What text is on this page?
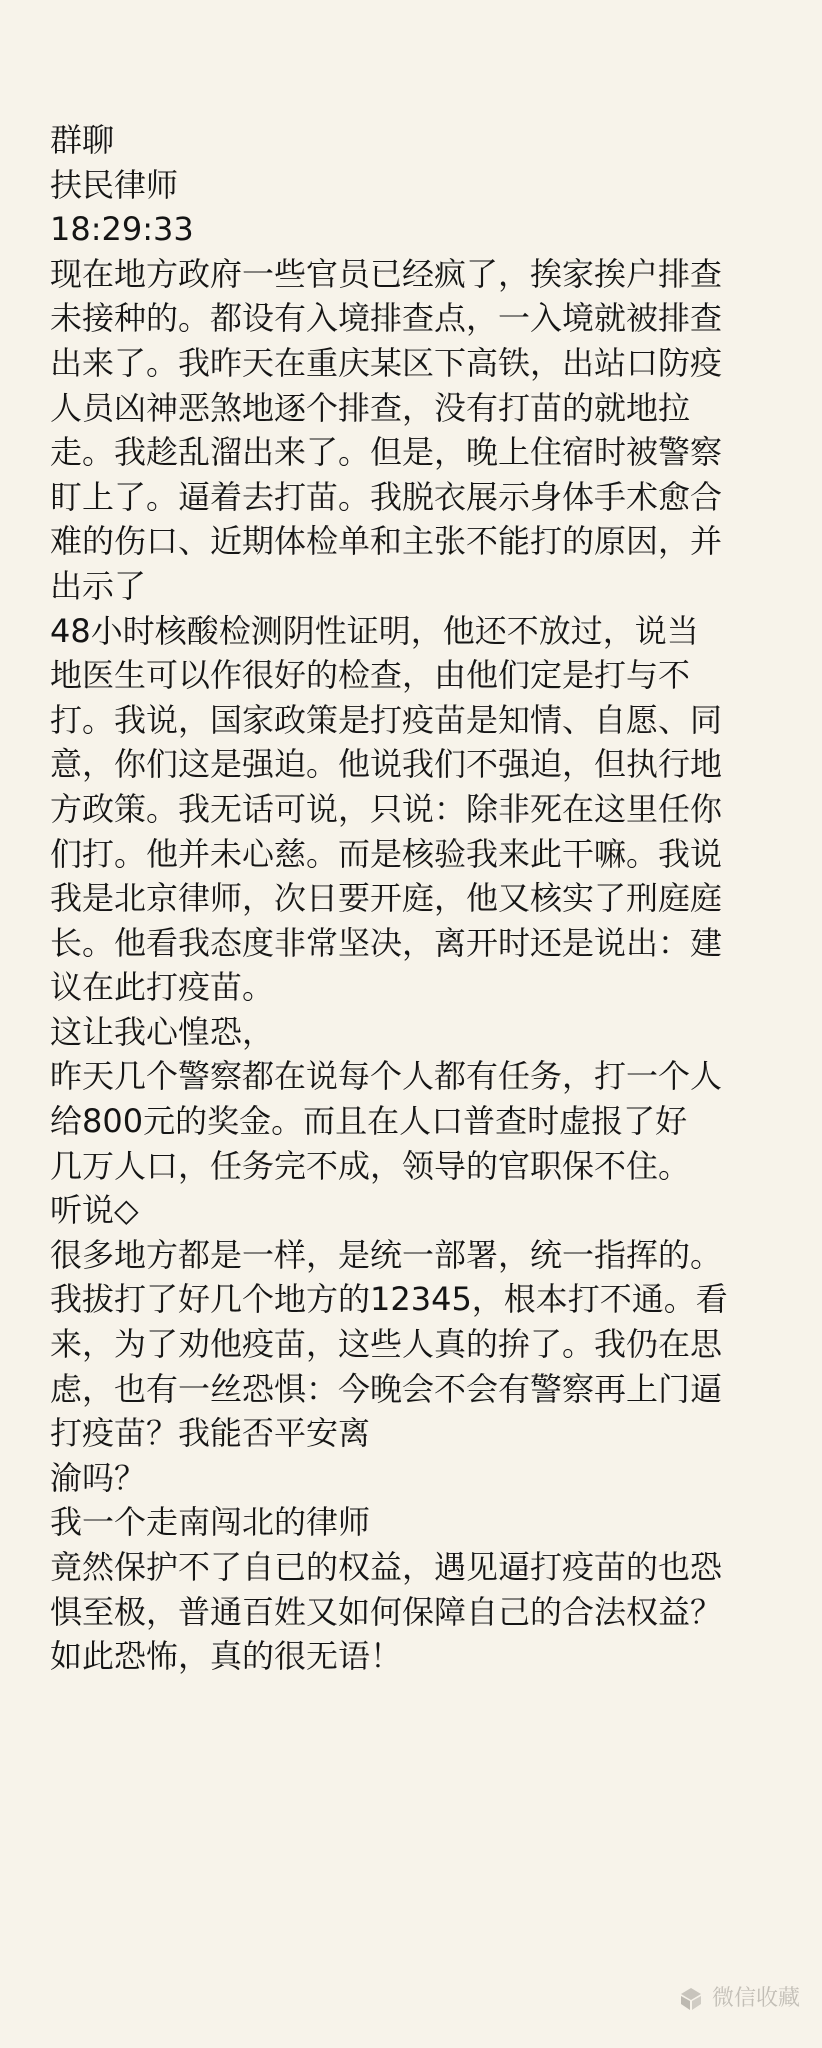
群聊
扶民律师
18:29:33
现在地方政府一些官员已经疯了，挨家挨户排查
未接种的。都设有入境排查点，一入境就被排查
出来了。我昨天在重庆某区下高铁，出站口防疫
人员凶神恶煞地逐个排查，没有打苗的就地拉
走。我趁乱溜出来了。但是，晚上住宿时被警察
盯上了。逼着去打苗。我脱衣展示身体手术愈合
难的伤口、近期体检单和主张不能打的原因，并
出示了
48小时核酸检测阴性证明，他还不放过，说当
地医生可以作很好的检查，由他们定是打与不
打。我说，国家政策是打疫苗是知情、自愿、同
意，你们这是强迫。他说我们不强迫，但执行地
方政策。我无话可说，只说：除非死在这里任你
们打。他并未心慈。而是核验我来此干嘛。我说
我是北京律师，次日要开庭，他又核实了刑庭庭
长。他看我态度非常坚决，离开时还是说出：建
议在此打疫苗。
这让我心惶恐，
昨天几个警察都在说每个人都有任务，打一个人
给800元的奖金。而且在人口普查时虚报了好
几万人口，任务完不成，领导的官职保不住。
听说◇
很多地方都是一样，是统一部署，统一指挥的。
我拔打了好几个地方的12345，根本打不通。看
来，为了劝他疫苗，这些人真的拚了。我仍在思
虑，也有一丝恐惧：今晚会不会有警察再上门逼
打疫苗？我能否平安离
渝吗？
我一个走南闯北的律师
竟然保护不了自已的权益，遇见逼打疫苗的也恐
惧至极，普通百姓又如何保障自己的合法权益？
如此恐怖，真的很无语！
微信收藏
